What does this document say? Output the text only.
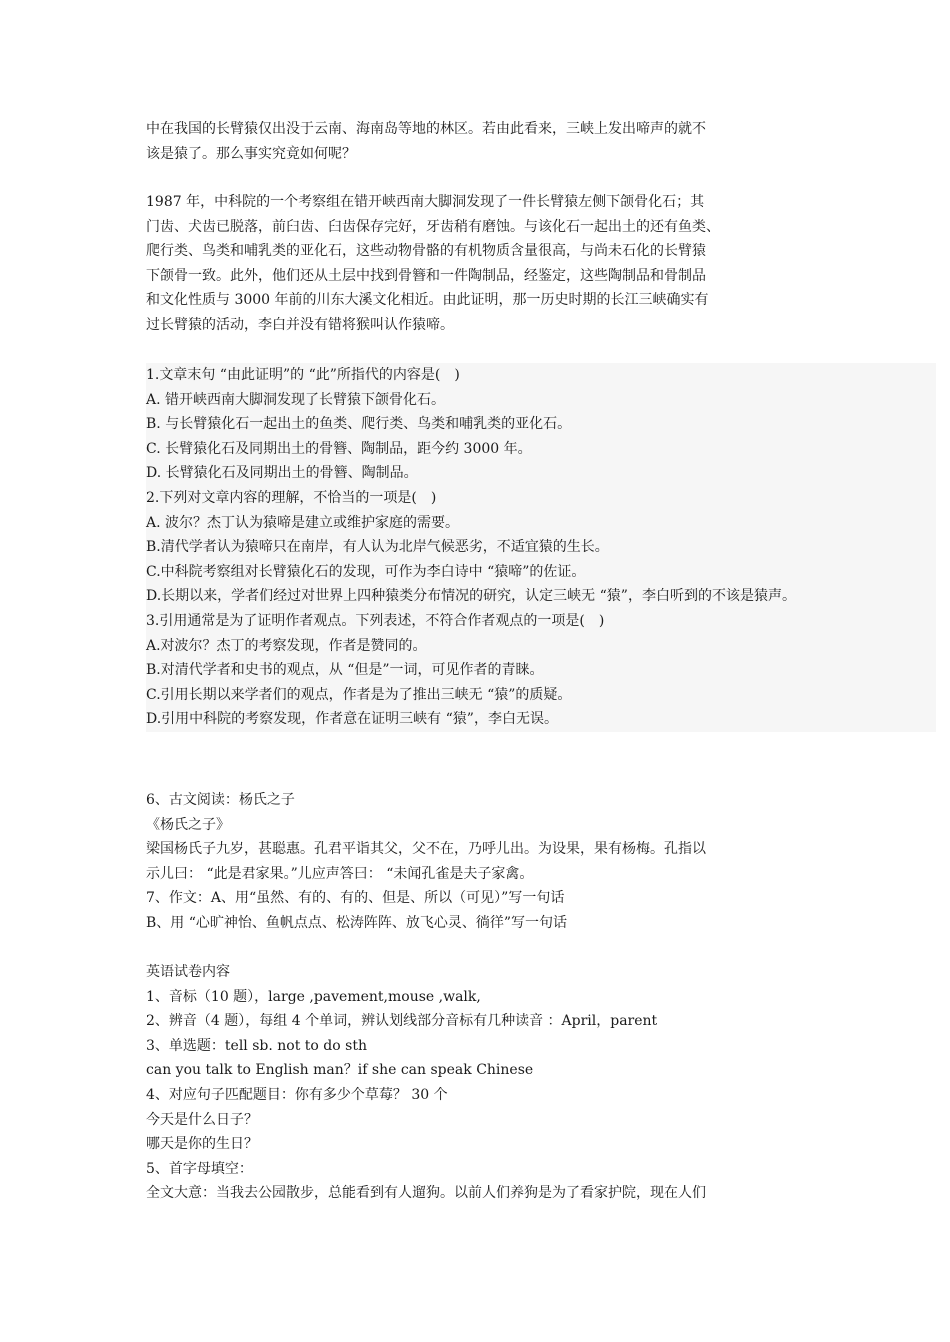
中在我国的长臂猿仅出没于云南、海南岛等地的林区。若由此看来，三峡上发出啼声的就不
该是猿了。那么事实究竟如何呢？
1987 年，中科院的一个考察组在错开峡西南大脚洞发现了一件长臂猿左侧下颌骨化石；其
门齿、犬齿已脱落，前臼齿、臼齿保存完好，牙齿稍有磨蚀。与该化石一起出土的还有鱼类、
爬行类、鸟类和哺乳类的亚化石，这些动物骨骼的有机物质含量很高，与尚未石化的长臂猿
下颌骨一致。此外，他们还从土层中找到骨簪和一件陶制品，经鉴定，这些陶制品和骨制品
和文化性质与 3000 年前的川东大溪文化相近。由此证明，那一历史时期的长江三峡确实有
过长臂猿的活动，李白并没有错将猴叫认作猿啼。
1.文章末句 “由此证明”的 “此”所指代的内容是(　)
A. 错开峡西南大脚洞发现了长臂猿下颌骨化石。
B. 与长臂猿化石一起出土的鱼类、爬行类、鸟类和哺乳类的亚化石。
C. 长臂猿化石及同期出土的骨簪、陶制品，距今约 3000 年。
D. 长臂猿化石及同期出土的骨簪、陶制品。
2.下列对文章内容的理解，不恰当的一项是(　)
A. 波尔？杰丁认为猿啼是建立或维护家庭的需要。
B.清代学者认为猿啼只在南岸，有人认为北岸气候恶劣，不适宜猿的生长。
C.中科院考察组对长臂猿化石的发现，可作为李白诗中 “猿啼”的佐证。
D.长期以来，学者们经过对世界上四种猿类分布情况的研究，认定三峡无 “猿”，李白听到的不该是猿声。
3.引用通常是为了证明作者观点。下列表述，不符合作者观点的一项是(　)
A.对波尔？杰丁的考察发现，作者是赞同的。
B.对清代学者和史书的观点，从 “但是”一词，可见作者的青睐。
C.引用长期以来学者们的观点，作者是为了推出三峡无 “猿”的质疑。
D.引用中科院的考察发现，作者意在证明三峡有 “猿”，李白无误。
6、古文阅读：杨氏之子
《杨氏之子》
梁国杨氏子九岁，甚聪惠。孔君平诣其父，父不在，乃呼儿出。为设果，果有杨梅。孔指以
示儿曰： “此是君家果。”儿应声答曰： “未闻孔雀是夫子家禽。
7、作文：A、用“虽然、有的、有的、但是、所以（可见）”写一句话
B、用 “心旷神怡、鱼帆点点、松涛阵阵、放飞心灵、徜徉”写一句话
英语试卷内容
1、音标（10 题），large ,pavement,mouse ,walk,
2、辨音（4 题），每组 4 个单词，辨认划线部分音标有几种读音 ：April，parent
3、单选题：tell sb. not to do sth
can you talk to English man？if she can speak Chinese
4、对应句子匹配题目：你有多少个草莓？ 30 个
今天是什么日子？
哪天是你的生日？
5、首字母填空：
全文大意：当我去公园散步，总能看到有人遛狗。以前人们养狗是为了看家护院，现在人们
